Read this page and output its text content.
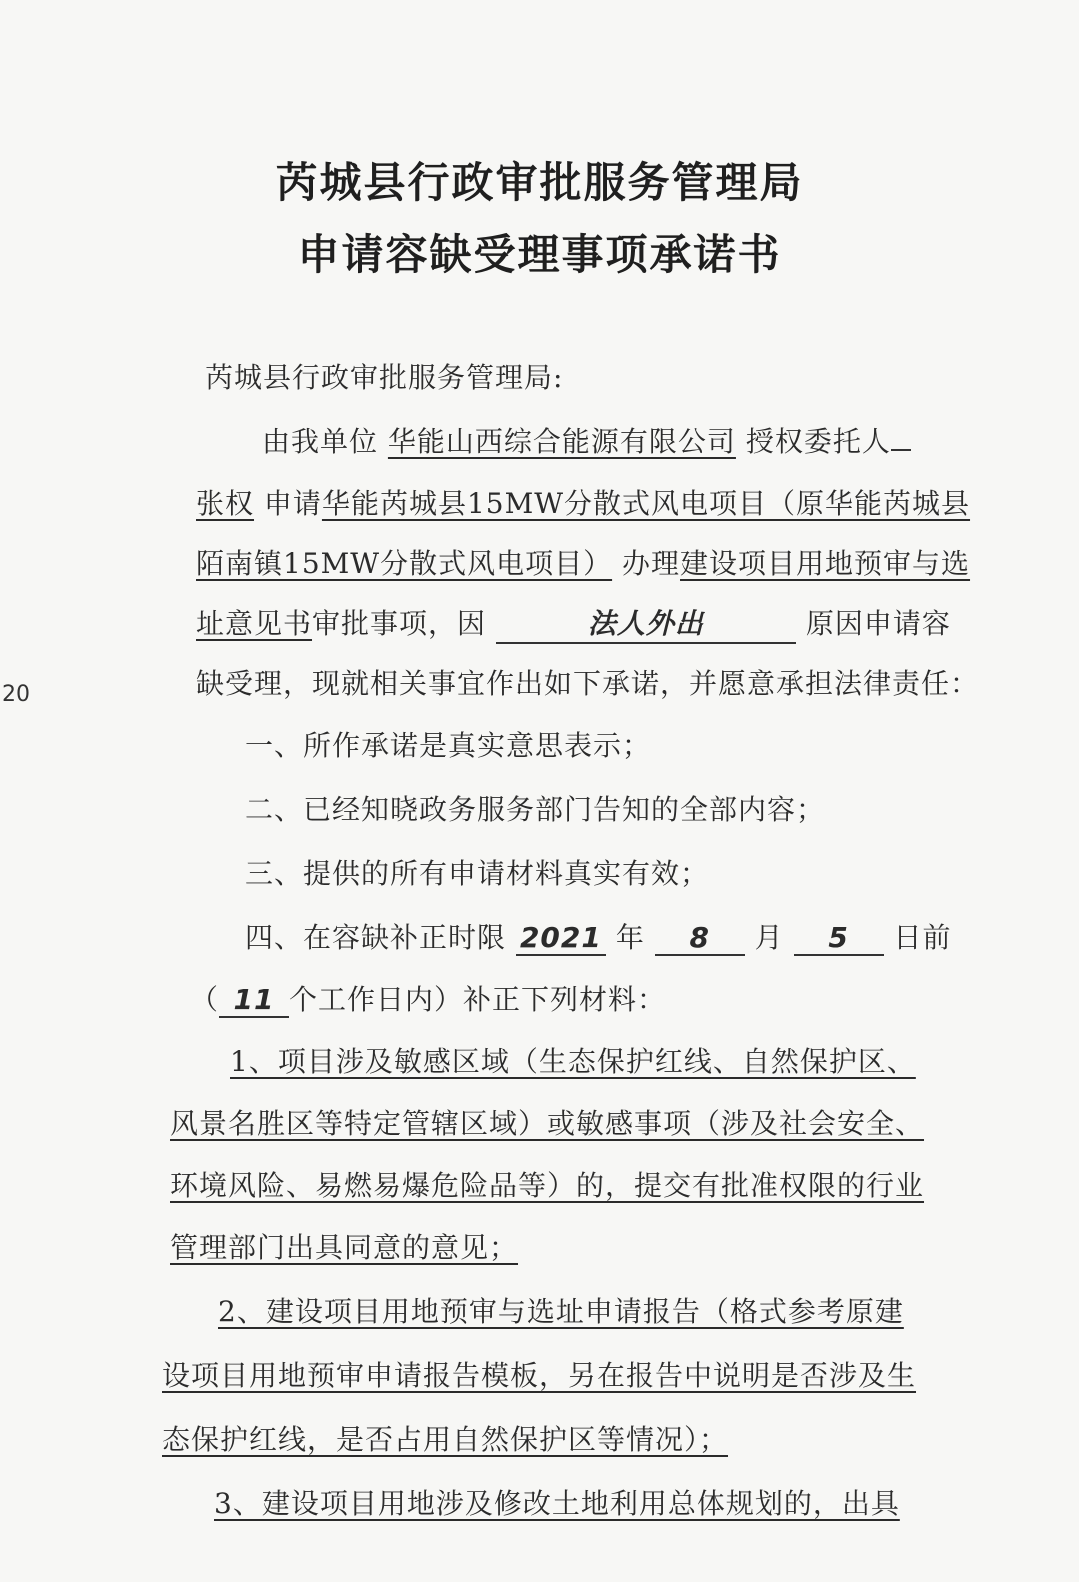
芮城县行政审批服务管理局
申请容缺受理事项承诺书
芮城县行政审批服务管理局:
由我单位 华能山西综合能源有限公司 授权委托人
张权 申请华能芮城县15MW分散式风电项目（原华能芮城县
陌南镇15MW分散式风电项目） 办理建设项目用地预审与选
址意见书审批事项，因	法人外出	原因申请容
缺受理，现就相关事宜作出如下承诺，并愿意承担法律责任：
一、所作承诺是真实意思表示；
二、已经知晓政务服务部门告知的全部内容；
三、提供的所有申请材料真实有效；
四、在容缺补正时限 2021 年 8 月 5 日前
（ 11 个工作日内）补正下列材料：
1、项目涉及敏感区域（生态保护红线、自然保护区、
风景名胜区等特定管辖区域）或敏感事项（涉及社会安全、
环境风险、易燃易爆危险品等）的，提交有批准权限的行业
管理部门出具同意的意见；
2、建设项目用地预审与选址申请报告（格式参考原建
设项目用地预审申请报告模板，另在报告中说明是否涉及生
态保护红线，是否占用自然保护区等情况）；
3、建设项目用地涉及修改土地利用总体规划的，出具
20
